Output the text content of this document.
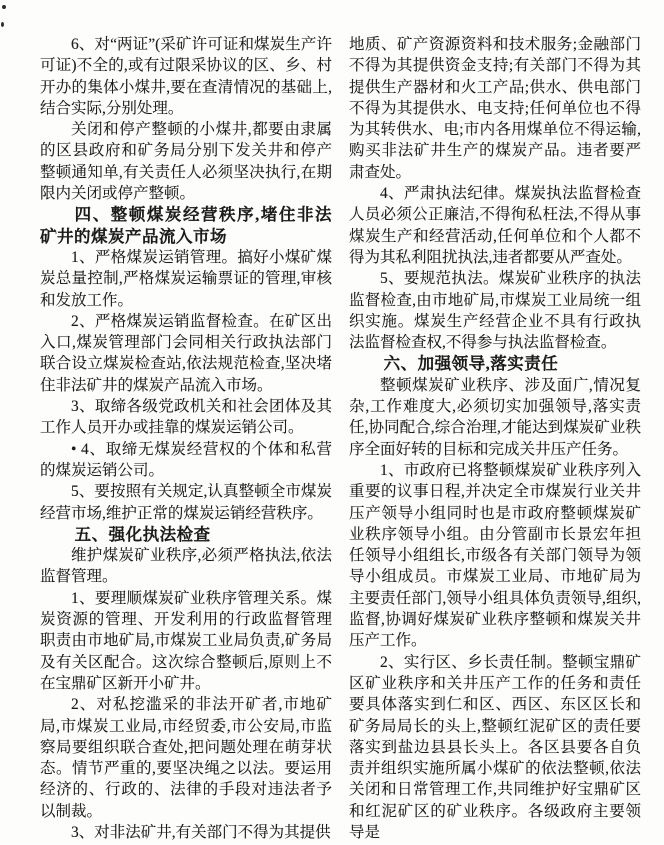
6、对“两证”(采矿许可证和煤炭生产许可证)不全的,或有过限采协议的区、乡、村开办的集体小煤井,要在查清情况的基础上,结合实际,分别处理。

关闭和停产整顿的小煤井,都要由隶属的区县政府和矿务局分别下发关井和停产整顿通知单,有关责任人必须坚决执行,在期限内关闭或停产整顿。

四、整顿煤炭经营秩序,堵住非法矿井的煤炭产品流入市场

1、严格煤炭运销管理。搞好小煤矿煤炭总量控制,严格煤炭运输票证的管理,审核和发放工作。

2、严格煤炭运销监督检查。在矿区出入口,煤炭管理部门会同相关行政执法部门联合设立煤炭检查站,依法规范检查,坚决堵住非法矿井的煤炭产品流入市场。

3、取缔各级党政机关和社会团体及其工作人员开办或挂靠的煤炭运销公司。

• 4、取缔无煤炭经营权的个体和私营的煤炭运销公司。

5、要按照有关规定,认真整顿全市煤炭经营市场,维护正常的煤炭运销经营秩序。

五、强化执法检查

维护煤炭矿业秩序,必须严格执法,依法监督管理。

1、要理顺煤炭矿业秩序管理关系。煤炭资源的管理、开发利用的行政监督管理职责由市地矿局,市煤炭工业局负责,矿务局及有关区配合。这次综合整顿后,原则上不在宝鼎矿区新开小矿井。

2、对私挖滥采的非法开矿者,市地矿局,市煤炭工业局,市经贸委,市公安局,市监察局要组织联合查处,把问题处理在萌芽状态。情节严重的,要坚决绳之以法。要运用经济的、行政的、法律的手段对违法者予以制裁。

3、对非法矿井,有关部门不得为其提供

地质、矿产资源资料和技术服务;金融部门不得为其提供资金支持;有关部门不得为其提供生产器材和火工产品;供水、供电部门不得为其提供水、电支持;任何单位也不得为其转供水、电;市内各用煤单位不得运输,购买非法矿井生产的煤炭产品。违者要严肃查处。

4、严肃执法纪律。煤炭执法监督检查人员必须公正廉洁,不得徇私枉法,不得从事煤炭生产和经营活动,任何单位和个人都不得为其私利阻扰执法,违者都要从严查处。

5、要规范执法。煤炭矿业秩序的执法监督检查,由市地矿局,市煤炭工业局统一组织实施。煤炭生产经营企业不具有行政执法监督检查权,不得参与执法监督检查。

六、加强领导,落实责任

整顿煤炭矿业秩序、涉及面广,情况复杂,工作难度大,必须切实加强领导,落实责任,协同配合,综合治理,才能达到煤炭矿业秩序全面好转的目标和完成关井压产任务。

1、市政府已将整顿煤炭矿业秩序列入重要的议事日程,并决定全市煤炭行业关井压产领导小组同时也是市政府整顿煤炭矿业秩序领导小组。由分管副市长景宏年担任领导小组组长,市级各有关部门领导为领导小组成员。市煤炭工业局、市地矿局为主要责任部门,领导小组具体负责领导,组织,监督,协调好煤炭矿业秩序整顿和煤炭关井压产工作。

2、实行区、乡长责任制。整顿宝鼎矿区矿业秩序和关井压产工作的任务和责任要具体落实到仁和区、西区、东区区长和矿务局局长的头上,整顿红泥矿区的责任要落实到盐边县县长头上。各区县要各自负责并组织实施所属小煤矿的依法整顿,依法关闭和日常管理工作,共同维护好宝鼎矿区和红泥矿区的矿业秩序。各级政府主要领导是
